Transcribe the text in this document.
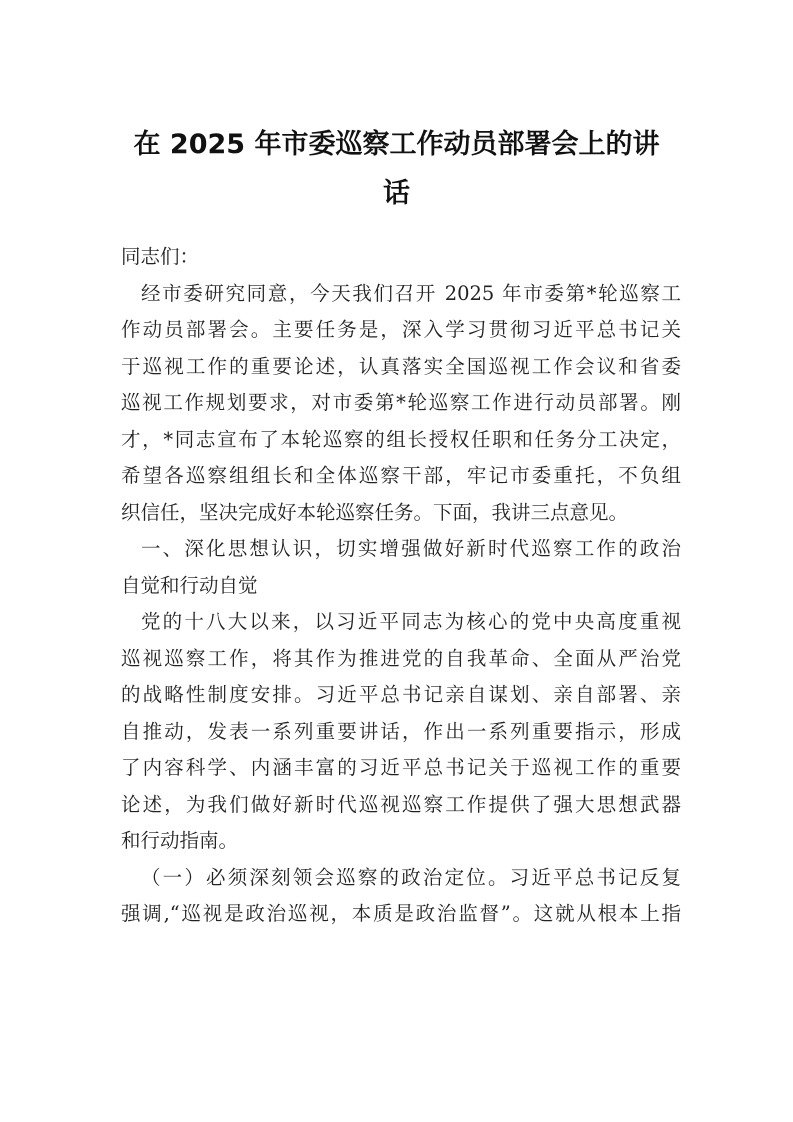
在 2025 年市委巡察工作动员部署会上的讲
话
同志们：
经市委研究同意，今天我们召开 2025 年市委第*轮巡察工
作动员部署会。主要任务是，深入学习贯彻习近平总书记关
于巡视工作的重要论述，认真落实全国巡视工作会议和省委
巡视工作规划要求，对市委第*轮巡察工作进行动员部署。刚
才，*同志宣布了本轮巡察的组长授权任职和任务分工决定，
希望各巡察组组长和全体巡察干部，牢记市委重托，不负组
织信任，坚决完成好本轮巡察任务。下面，我讲三点意见。
一、深化思想认识，切实增强做好新时代巡察工作的政治
自觉和行动自觉
党的十八大以来，以习近平同志为核心的党中央高度重视
巡视巡察工作，将其作为推进党的自我革命、全面从严治党
的战略性制度安排。习近平总书记亲自谋划、亲自部署、亲
自推动，发表一系列重要讲话，作出一系列重要指示，形成
了内容科学、内涵丰富的习近平总书记关于巡视工作的重要
论述，为我们做好新时代巡视巡察工作提供了强大思想武器
和行动指南。
（一）必须深刻领会巡察的政治定位。习近平总书记反复
强调,“巡视是政治巡视，本质是政治监督”。这就从根本上指
